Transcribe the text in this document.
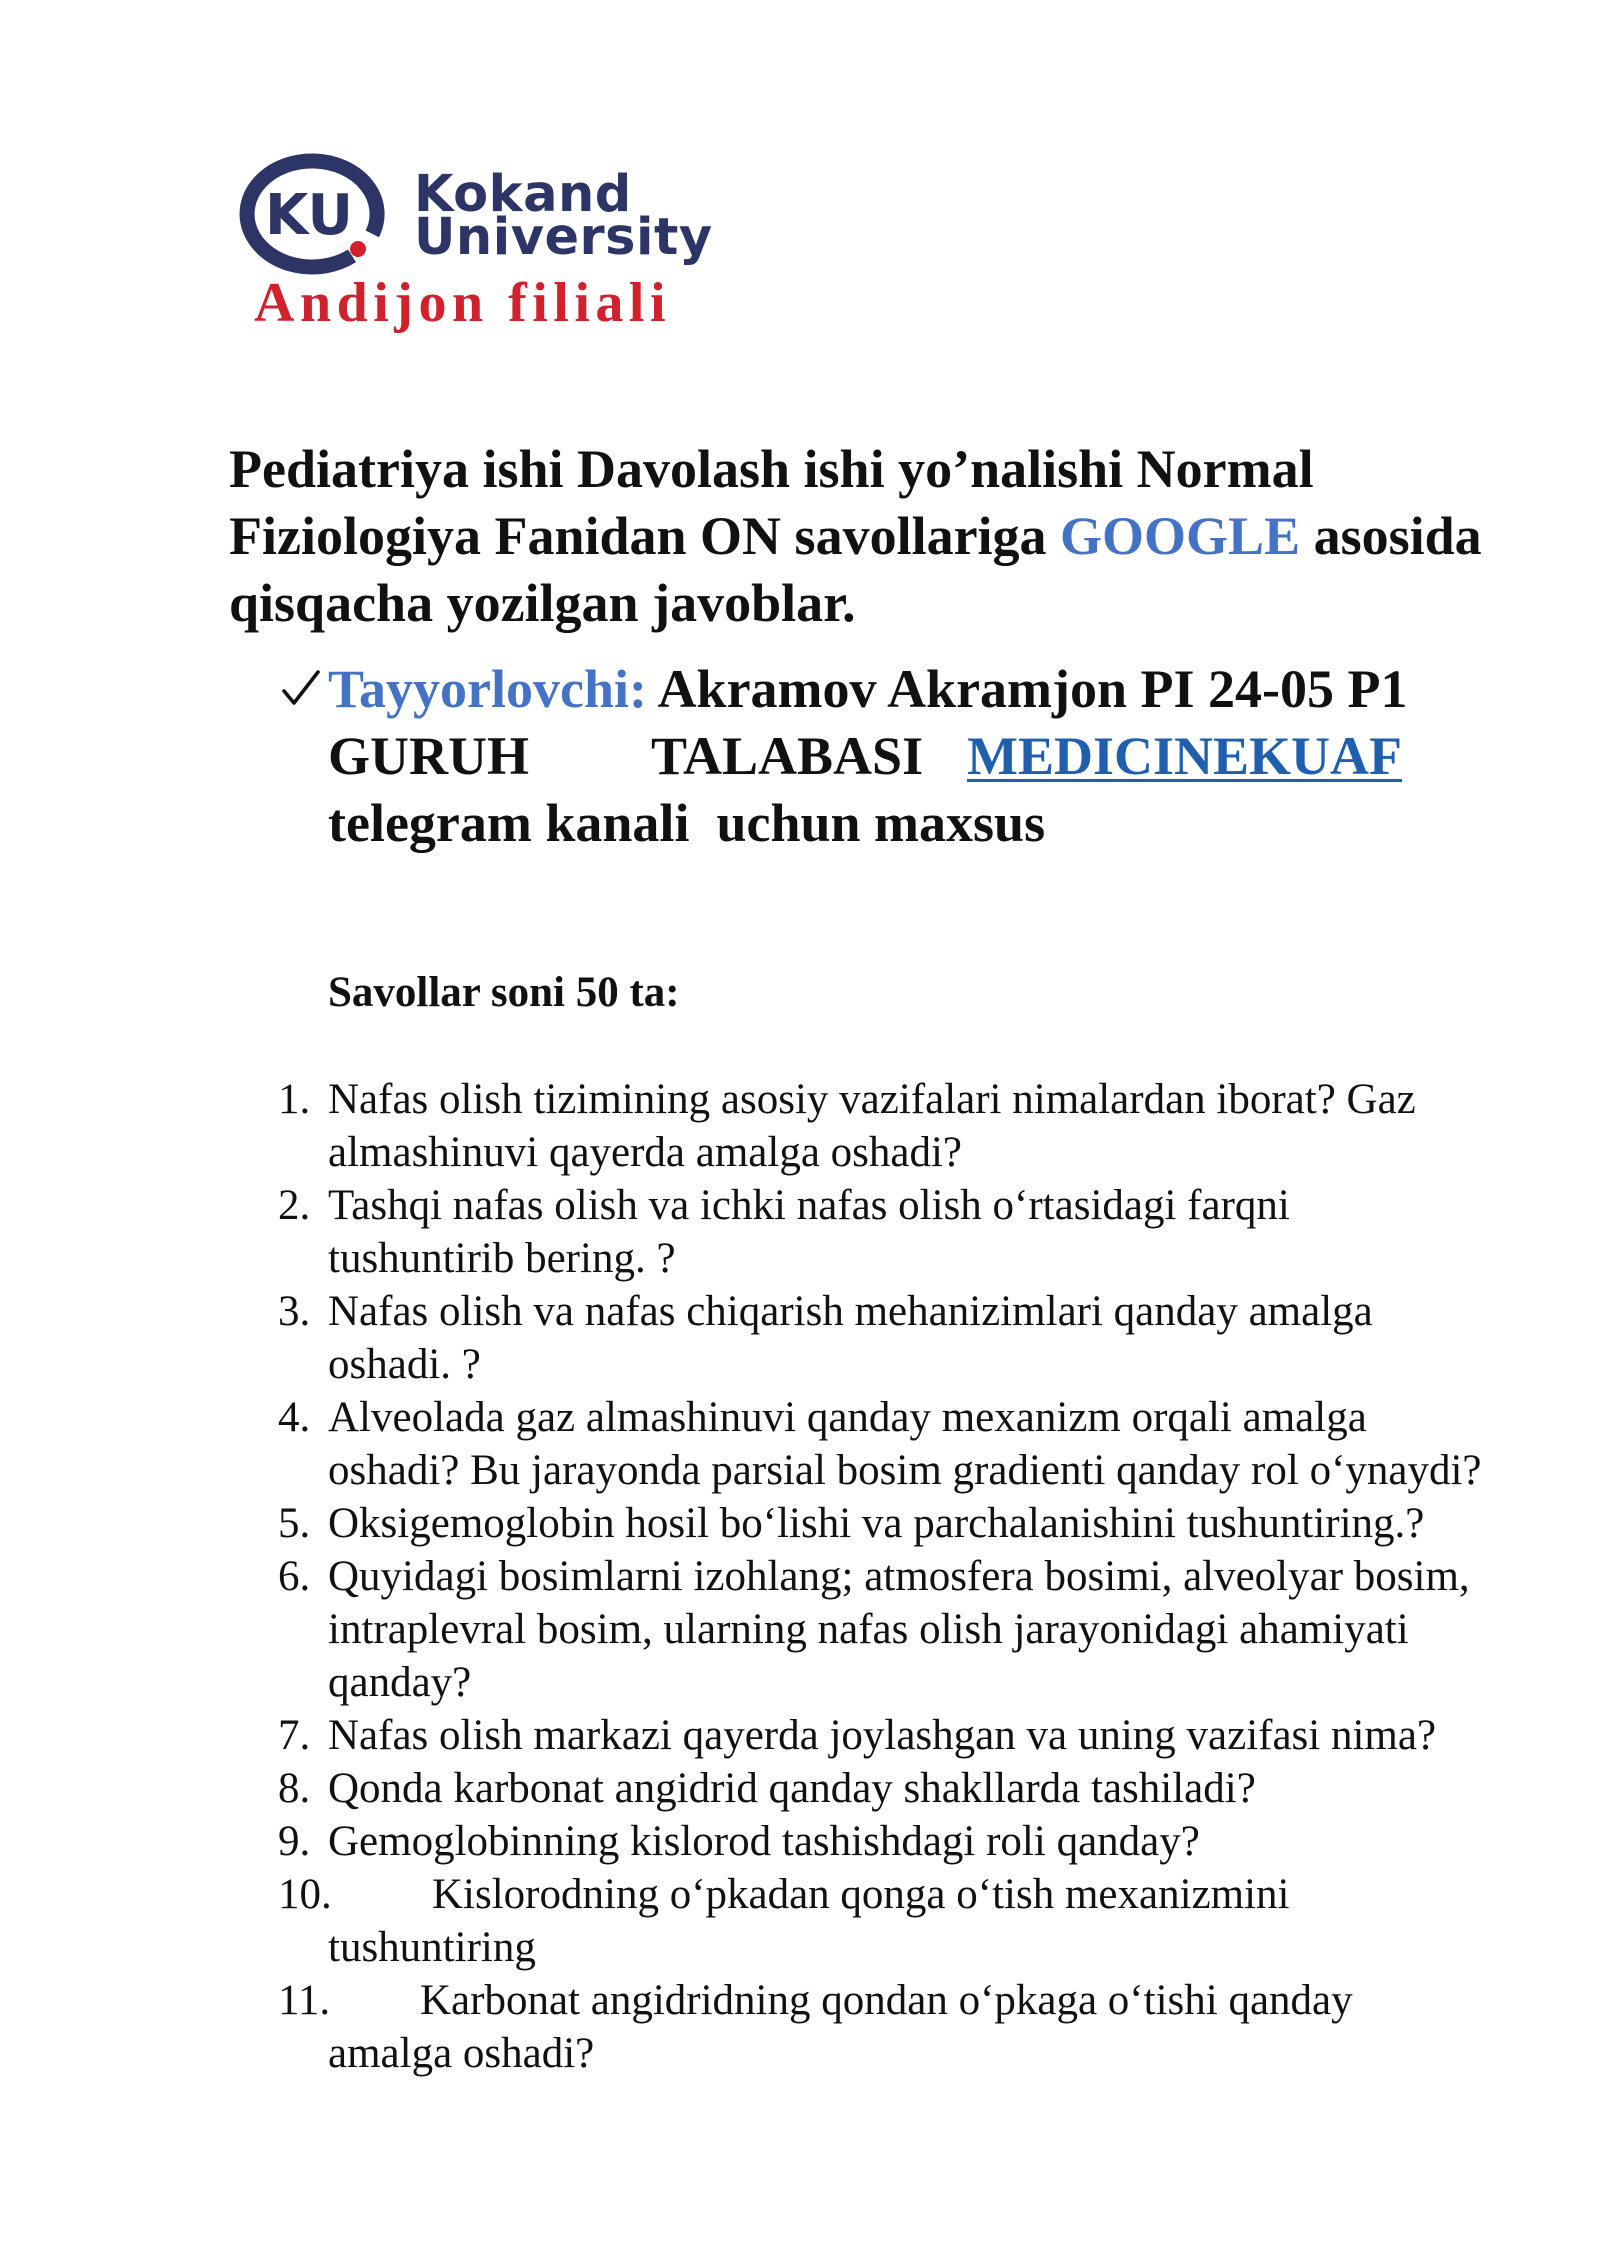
KU Kokand
University
Andijon filiali
Pediatriya ishi Davolash ishi yo’nalishi Normal
Fiziologiya Fanidan ON savollariga GOOGLE asosida
qisqacha yozilgan javoblar.
Tayyorlovchi: Akramov Akramjon PI 24-05 P1
GURUH TALABASI MEDICINEKUAF
telegram kanali  uchun maxsus
Savollar soni 50 ta:
1. Nafas olish tizimining asosiy vazifalari nimalardan iborat? Gaz
almashinuvi qayerda amalga oshadi?
2. Tashqi nafas olish va ichki nafas olish o‘rtasidagi farqni
tushuntirib bering. ?
3. Nafas olish va nafas chiqarish mehanizimlari qanday amalga
oshadi. ?
4. Alveolada gaz almashinuvi qanday mexanizm orqali amalga
oshadi? Bu jarayonda parsial bosim gradienti qanday rol o‘ynaydi?
5. Oksigemoglobin hosil bo‘lishi va parchalanishini tushuntiring.?
6. Quyidagi bosimlarni izohlang; atmosfera bosimi, alveolyar bosim,
intraplevral bosim, ularning nafas olish jarayonidagi ahamiyati
qanday?
7. Nafas olish markazi qayerda joylashgan va uning vazifasi nima?
8. Qonda karbonat angidrid qanday shakllarda tashiladi?
9. Gemoglobinning kislorod tashishdagi roli qanday?
10. Kislorodning o‘pkadan qonga o‘tish mexanizmini
tushuntiring
11. Karbonat angidridning qondan o‘pkaga o‘tishi qanday
amalga oshadi?
